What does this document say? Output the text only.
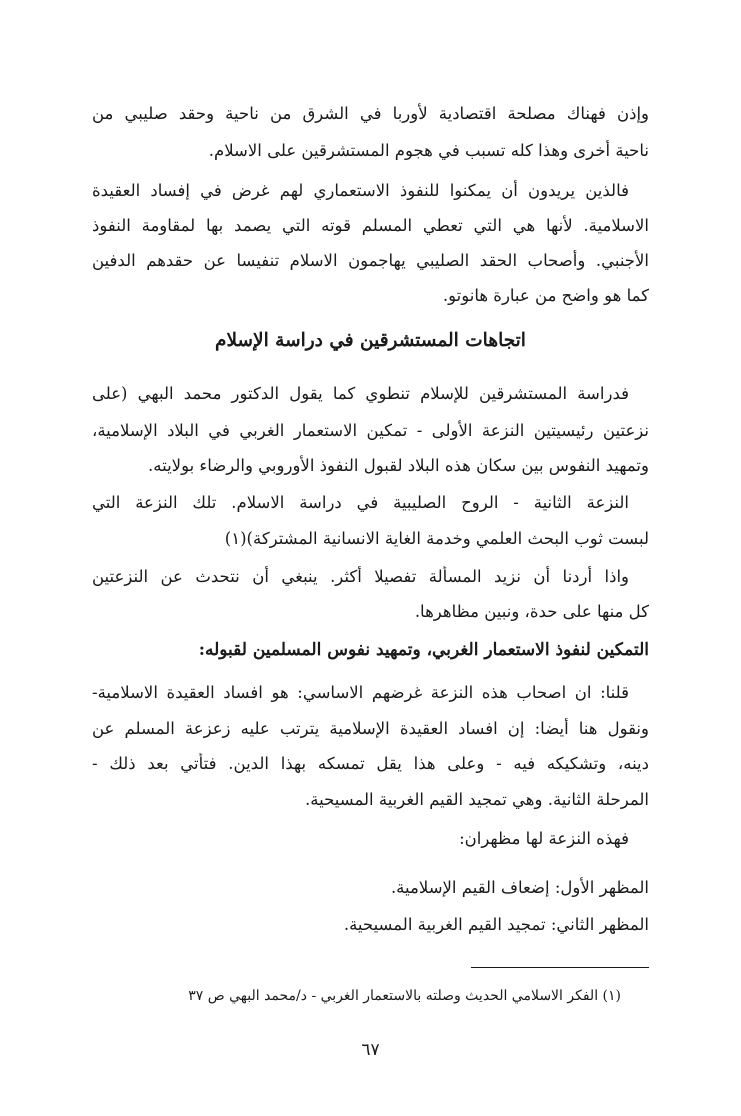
وإذن فهناك مصلحة اقتصادية لأوربا في الشرق من ناحية وحقد صليبي من
ناحية أخرى وهذا كله تسبب في هجوم المستشرقين على الاسلام.
فالذين يريدون أن يمكنوا للنفوذ الاستعماري لهم غرض في إفساد العقيدة
الاسلامية. لأنها هي التي تعطي المسلم قوته التي يصمد بها لمقاومة النفوذ
الأجنبي. وأصحاب الحقد الصليبي يهاجمون الاسلام تنفيسا عن حقدهم الدفين
كما هو واضح من عبارة هانوتو.
اتجاهات المستشرقين في دراسة الإسلام
فدراسة المستشرقين للإسلام تنطوي كما يقول الدكتور محمد البهي (على
نزعتين رئيسيتين النزعة الأولى - تمكين الاستعمار الغربي في البلاد الإسلامية،
وتمهيد النفوس بين سكان هذه البلاد لقبول النفوذ الأوروبي والرضاء بولايته.
النزعة الثانية - الروح الصليبية في دراسة الاسلام. تلك النزعة التي
لبست ثوب البحث العلمي وخدمة الغاية الانسانية المشتركة)(١)
واذا أردنا أن نزيد المسألة تفصيلا أكثر. ينبغي أن نتحدث عن النزعتين
كل منها على حدة، ونبين مظاهرها.
التمكين لنفوذ الاستعمار الغربي، وتمهيد نفوس المسلمين لقبوله:
قلنا: ان اصحاب هذه النزعة غرضهم الاساسي: هو افساد العقيدة الاسلامية-
ونقول هنا أيضا: إن افساد العقيدة الإسلامية يترتب عليه زعزعة المسلم عن
دينه، وتشكيكه فيه - وعلى هذا يقل تمسكه بهذا الدين. فتأتي بعد ذلك -
المرحلة الثانية. وهي تمجيد القيم الغربية المسيحية.
فهذه النزعة لها مظهران:
المظهر الأول: إضعاف القيم الإسلامية.
المظهر الثاني: تمجيد القيم الغربية المسيحية.
(١) الفكر الاسلامي الحديث وصلته بالاستعمار الغربي - د/محمد البهي ص ٣٧
٦٧
